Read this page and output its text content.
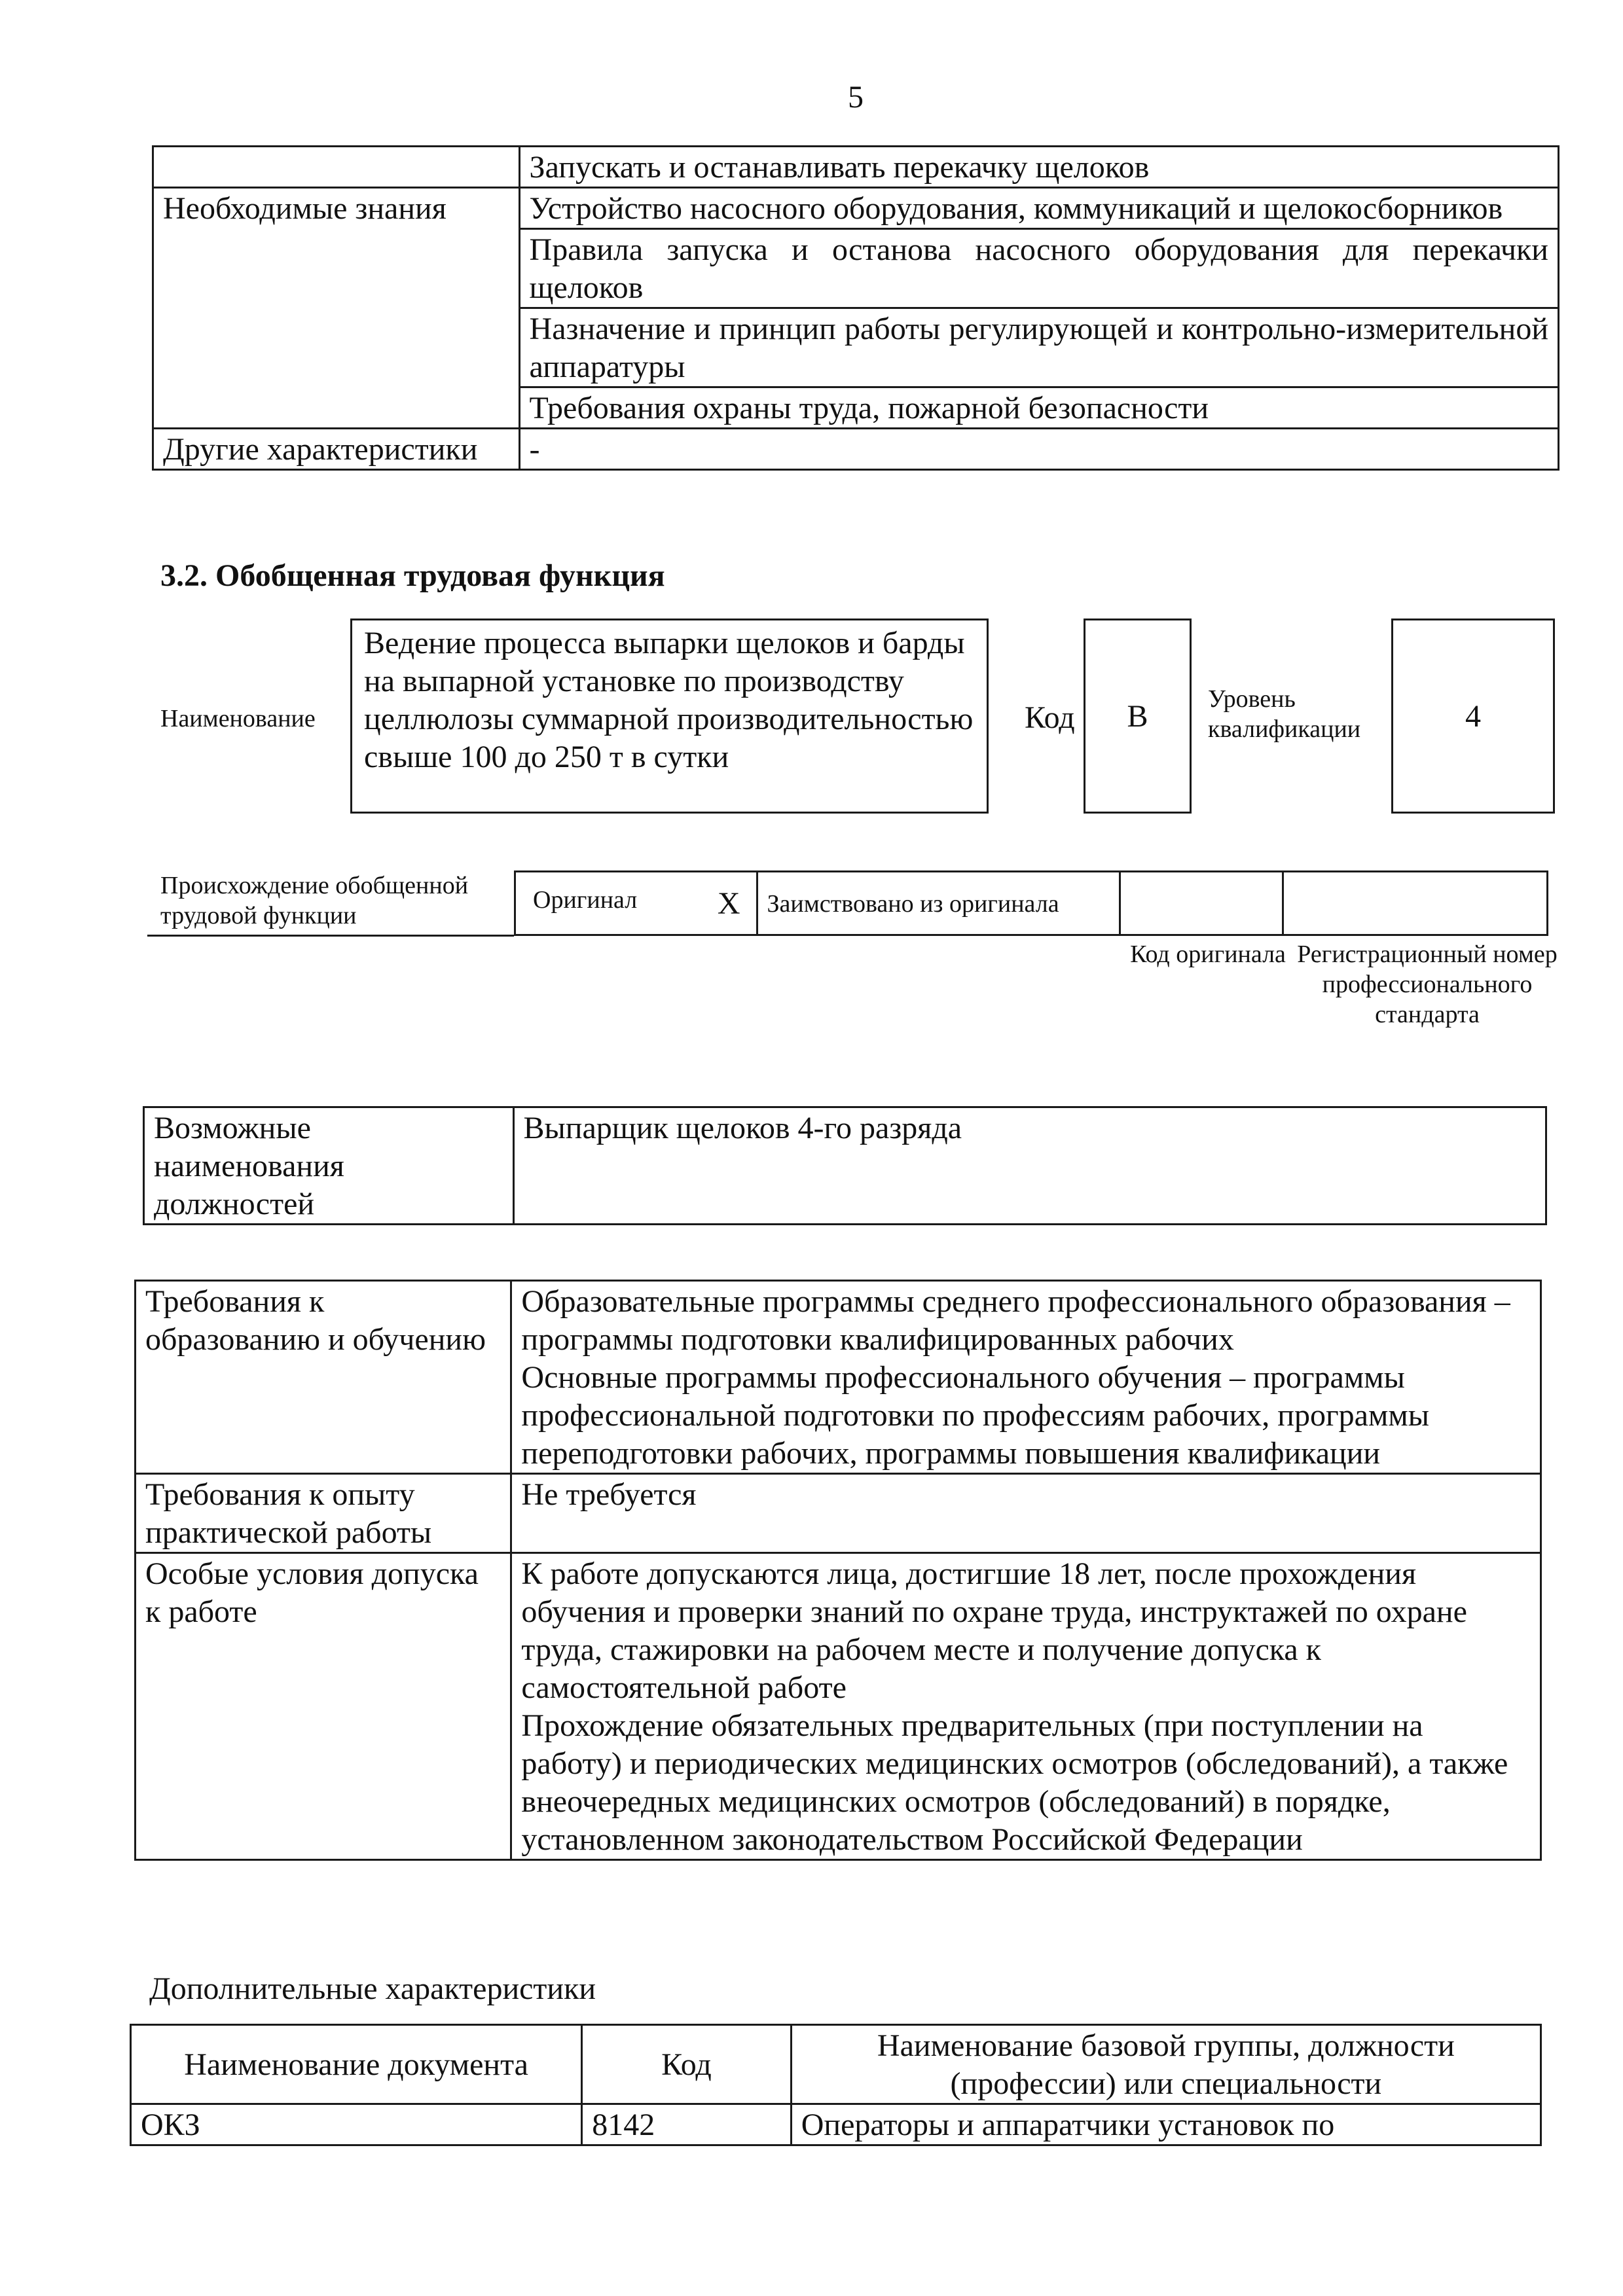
5
	Запускать и останавливать перекачку щелоков
Необходимые знания	Устройство насосного оборудования, коммуникаций и щелокосборников
	Правила запуска и останова насосного оборудования для перекачки щелоков
	Назначение и принцип работы регулирующей и контрольно-измерительной аппаратуры
	Требования охраны труда, пожарной безопасности
Другие характеристики	-
3.2. Обобщенная трудовая функция
Наименование
Ведение процесса выпарки щелоков и барды на выпарной установке по производству целлюлозы суммарной производительностью свыше 100 до 250 т в сутки
Код	В	Уровень квалификации	4
Происхождение обобщенной трудовой функции
Оригинал	X	Заимствовано из оригинала		
Код оригинала Регистрационный номер профессионального стандарта
Возможные наименования должностей	Выпарщик щелоков 4-го разряда
Требования к образованию и обучению	Образовательные программы среднего профессионального образования – программы подготовки квалифицированных рабочих
Основные программы профессионального обучения – программы профессиональной подготовки по профессиям рабочих, программы переподготовки рабочих, программы повышения квалификации

Требования к опыту практической работы	Не требуется

Особые условия допуска к работе	К работе допускаются лица, достигшие 18 лет, после прохождения обучения и проверки знаний по охране труда, инструктажей по охране труда, стажировки на рабочем месте и получение допуска к самостоятельной работе
Прохождение обязательных предварительных (при поступлении на работу) и периодических медицинских осмотров (обследований), а также внеочередных медицинских осмотров (обследований) в порядке, установленном законодательством Российской Федерации
Дополнительные характеристики
Наименование документа	Код	Наименование базовой группы, должности (профессии) или специальности
ОКЗ	8142	Операторы и аппаратчики установок по
